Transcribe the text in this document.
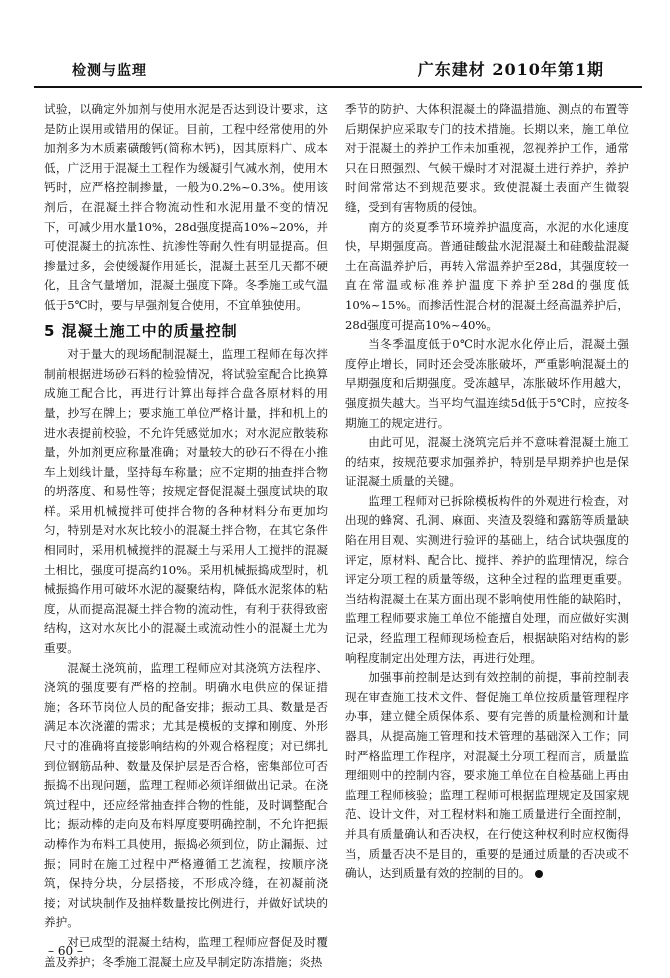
检测与监理	广东建材 2010年第1期

试验，以确定外加剂与使用水泥是否达到设计要求，这是防止误用或错用的保证。目前，工程中经常使用的外加剂多为木质素磺酸钙(简称木钙)，因其原料广、成本低，广泛用于混凝土工程作为缓凝引气减水剂，使用木钙时，应严格控制掺量，一般为0.2%~0.3%。使用该剂后，在混凝土拌合物流动性和水泥用量不变的情况下，可减少用水量10%，28d强度提高10%~20%，并可使混凝土的抗冻性、抗渗性等耐久性有明显提高。但掺量过多，会使缓凝作用延长，混凝土甚至几天都不硬化，且含气量增加，混凝土强度下降。冬季施工或气温低于5℃时，要与早强剂复合使用，不宜单独使用。

5 混凝土施工中的质量控制

对于量大的现场配制混凝土，监理工程师在每次拌制前根据进场砂石料的检验情况，将试验室配合比换算成施工配合比，再进行计算出每拌合盘各原材料的用量，抄写在牌上；要求施工单位严格计量，拌和机上的进水表提前校验，不允许凭感觉加水；对水泥应散装称量，外加剂更应称量准确；对量较大的砂石不得在小推车上划线计量，坚持每车称量；应不定期的抽查拌合物的坍落度、和易性等；按规定督促混凝土强度试块的取样。采用机械搅拌可使拌合物的各种材料分布更加均匀，特别是对水灰比较小的混凝土拌合物，在其它条件相同时，采用机械搅拌的混凝土与采用人工搅拌的混凝土相比，强度可提高约10%。采用机械振捣成型时，机械振捣作用可破坏水泥的凝聚结构，降低水泥浆体的粘度，从而提高混凝土拌合物的流动性，有利于获得致密结构，这对水灰比小的混凝土或流动性小的混凝土尤为重要。

混凝土浇筑前，监理工程师应对其浇筑方法程序、浇筑的强度要有严格的控制。明确水电供应的保证措施；各环节岗位人员的配备安排；振动工具、数量是否满足本次浇灌的需求；尤其是模板的支撑和刚度、外形尺寸的准确将直接影响结构的外观合格程度；对已绑扎到位钢筋品种、数量及保护层是否合格，密集部位可否振捣不出现问题，监理工程师必须详细做出记录。在浇筑过程中，还应经常抽查拌合物的性能，及时调整配合比；振动棒的走向及布料厚度要明确控制，不允许把振动棒作为布料工具使用，振捣必须到位，防止漏振、过振；同时在施工过程中严格遵循工艺流程，按顺序浇筑，保持分块，分层搭接，不形成冷缝，在初凝前浇接；对试块制作及抽样数量按比例进行，并做好试块的养护。

对已成型的混凝土结构，监理工程师应督促及时覆盖及养护；冬季施工混凝土应及早制定防冻措施；炎热

季节的防护、大体积混凝土的降温措施、测点的布置等后期保护应采取专门的技术措施。长期以来，施工单位对于混凝土的养护工作未加重视，忽视养护工作，通常只在日照强烈、气候干燥时才对混凝土进行养护，养护时间常常达不到规范要求。致使混凝土表面产生微裂缝，受到有害物质的侵蚀。

南方的炎夏季节环境养护温度高，水泥的水化速度快，早期强度高。普通硅酸盐水泥混凝土和硅酸盐混凝土在高温养护后，再转入常温养护至28d，其强度较一直在常温或标准养护温度下养护至28d的强度低10%~15%。而掺活性混合材的混凝土经高温养护后，28d强度可提高10%~40%。

当冬季温度低于0℃时水泥水化停止后，混凝土强度停止增长，同时还会受冻胀破坏，严重影响混凝土的早期强度和后期强度。受冻越早，冻胀破坏作用越大，强度损失越大。当平均气温连续5d低于5℃时，应按冬期施工的规定进行。

由此可见，混凝土浇筑完后并不意味着混凝土施工的结束，按规范要求加强养护，特别是早期养护也是保证混凝土质量的关键。

监理工程师对已拆除模板构件的外观进行检查，对出现的蜂窝、孔洞、麻面、夹渣及裂缝和露筋等质量缺陷在用目观、实测进行验评的基础上，结合试块强度的评定，原材料、配合比、搅拌、养护的监理情况，综合评定分项工程的质量等级，这种全过程的监理更重要。当结构混凝土在某方面出现不影响使用性能的缺陷时，监理工程师要求施工单位不能擅自处理，而应做好实测记录，经监理工程师现场检查后，根据缺陷对结构的影响程度制定出处理方法，再进行处理。

加强事前控制是达到有效控制的前提，事前控制表现在审查施工技术文件、督促施工单位按质量管理程序办事，建立健全质保体系、要有完善的质量检测和计量器具，从提高施工管理和技术管理的基础深入工作；同时严格监理工作程序，对混凝土分项工程而言，质量监理细则中的控制内容，要求施工单位在自检基础上再由监理工程师核验；监理工程师可根据监理规定及国家规范、设计文件，对工程材料和施工质量进行全面控制，并具有质量确认和否决权，在行使这种权利时应权衡得当，质量否决不是目的，重要的是通过质量的否决或不确认，达到质量有效的控制的目的。

– 60 –
